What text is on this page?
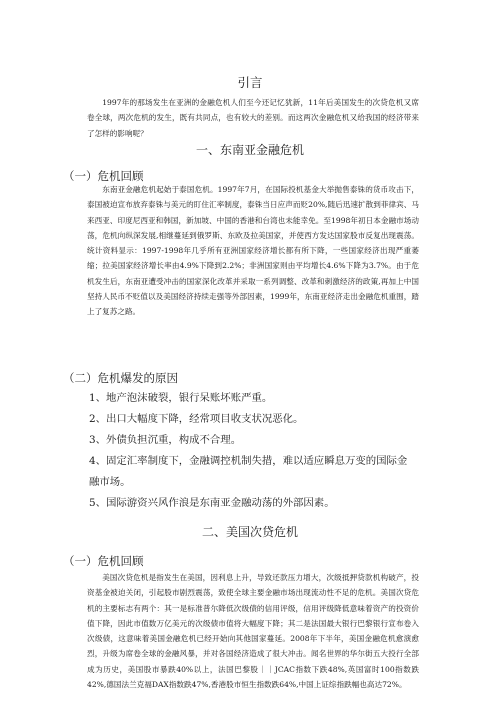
引言

1997年的那场发生在亚洲的金融危机人们至今还记忆犹新，11年后美国发生的次贷危机又席卷全球，两次危机的发生，既有共同点，也有较大的差别。而这两次金融危机又给我国的经济带来了怎样的影响呢？

一、东南亚金融危机
（一）危机回顾

东南亚金融危机起始于泰国危机。1997年7月，在国际投机基金大举抛售泰铢的货币攻击下，泰国被迫宣布放弃泰铢与美元的盯住汇率制度，泰铢当日应声而贬20%,随后迅速扩散到菲律宾、马来西亚、印度尼西亚和韩国，新加坡、中国的香港和台湾也未能幸免。至1998年初日本金融市场动荡，危机向纵深发展,相继蔓延到俄罗斯、东欧及拉美国家，并使西方发达国家股市反复出现震荡。统计资料显示：1997-1998年几乎所有亚洲国家经济增长都有所下降，一些国家经济出现严重萎缩；拉美国家经济增长率由4.9%下降到2.2%；非洲国家则由平均增长4.6%下降为3.7%。由于危机发生后，东南亚遭受冲击的国家深化改革并采取一系列调整、改革和刺激经济的政策,再加上中国坚持人民币不贬值以及美国经济持续走强等外部因素，1999年，东南亚经济走出金融危机重围，踏上了复苏之路。

（二）危机爆发的原因
1、地产泡沫破裂，银行呆账坏账严重。
2、出口大幅度下降，经常项目收支状况恶化。
3、外债负担沉重，构成不合理。
4、固定汇率制度下，金融调控机制失措，难以适应瞬息万变的国际金融市场。
5、国际游资兴风作浪是东南亚金融动荡的外部因素。
二、美国次贷危机
（一）危机回顾

美国次贷危机是指发生在美国，因利息上升，导致还款压力增大，次级抵押贷款机构破产，投资基金被迫关闭，引起股市剧烈震荡，致使全球主要金融市场出现流动性不足的危机。美国次贷危机的主要标志有两个：其一是标准普尔降低次级债的信用评级，信用评级降低意味着资产的投资价值下降，因此市值数万亿美元的次级债市值将大幅度下降；其二是法国最大银行巴黎银行宣布卷入次级债，这意味着美国金融危机已经开始向其他国家蔓延。2008年下半年，美国金融危机愈演愈烈，升级为席卷全球的金融风暴，并对各国经济造成了很大冲击。闻名世界的华尔街五大投行全部成为历史，美国股市暴跌40%以上，法国巴黎股｜｜JCAC指数下跌48%,英国富时100指数跌42%,德国法兰克福DAX指数跌47%,香港股市恒生指数跌64%,中国上证综指跌幅也高达72%。
